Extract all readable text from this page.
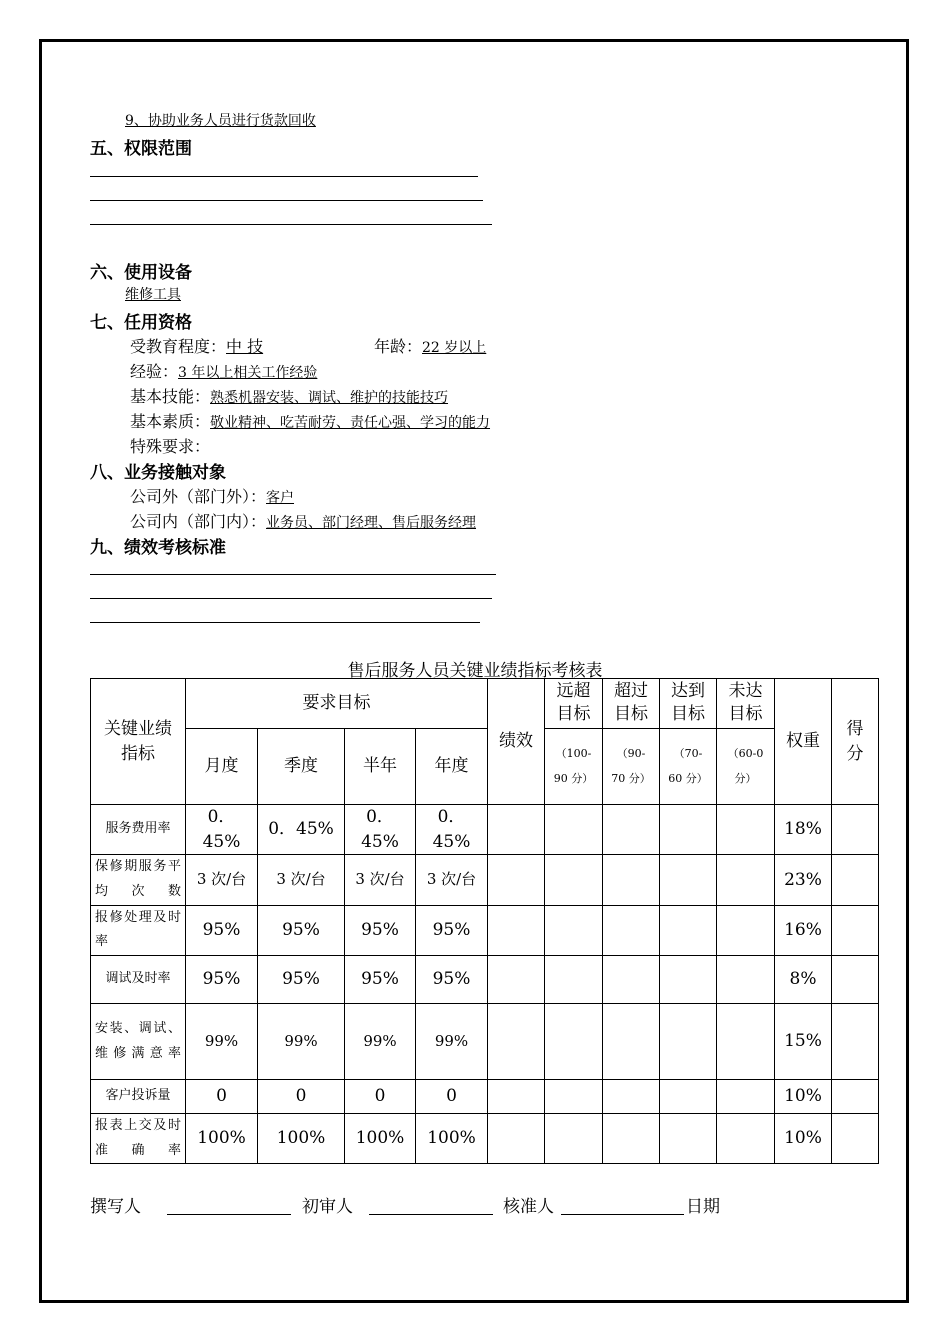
9、协助业务人员进行货款回收
五、权限范围
六、使用设备
维修工具
七、任用资格
受教育程度：中 技	年龄：22 岁以上
经验：3 年以上相关工作经验
基本技能：熟悉机器安装、调试、维护的技能技巧
基本素质：敬业精神、吃苦耐劳、责任心强、学习的能力
特殊要求：
八、业务接触对象
公司外（部门外）：客户
公司内（部门内）：业务员、部门经理、售后服务经理
九、绩效考核标准
售后服务人员关键业绩指标考核表
关键业绩指标	要求目标				绩效	远超目标	超过目标	达到目标	未达目标	权重	得分
	月度	季度	半年	年度		（100-90 分）	（90-70 分）	（70-60 分）	（60-0 分）		
服务费用率	0．45%	0．45%	0．45%	0．45%						18%	
保修期服务平均次数	3 次/台	3 次/台	3 次/台	3 次/台						23%	
报修处理及时率	95%	95%	95%	95%						16%	
调试及时率	95%	95%	95%	95%						8%	
安装、调试、维修满意率	99%	99%	99%	99%						15%	
客户投诉量	0	0	0	0						10%	
报表上交及时准确率	100%	100%	100%	100%						10%	
撰写人	初审人	核准人	日期
